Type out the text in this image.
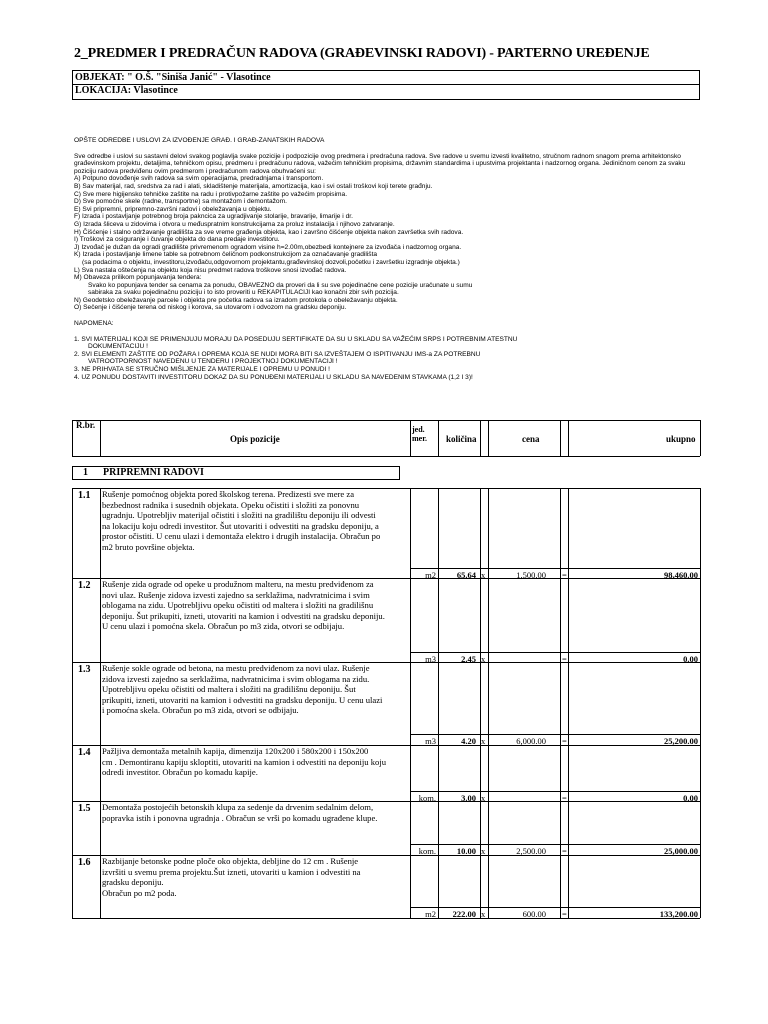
2_PREDMER I PREDRAČUN RADOVA (GRAĐEVINSKI RADOVI) - PARTERNO UREĐENJE
OBJEKAT: " O.Š. "Siniša Janić" - Vlasotince
LOKACIJA: Vlasotince

OPŠTE ODREDBE I USLOVI ZA IZVOĐENJE GRAĐ. I GRAĐ-ZANATSKIH RADOVA

Sve odredbe i uslovi su sastavni delovi svakog poglavlja svake pozicije i podpozicije ovog predmera i predračuna radova. Sve radove u svemu izvesti kvalitetno, stručnom radnom snagom prema arhitektonsko građevinskom projektu, detaljima, tehničkom opisu, predmeru i predračunu radova, važećim tehničkim propisima, državnim standardima i upustvima projektanta i nadzornog organa. Jediničnom cenom za svaku poziciju radova predviđenu ovim predmerom i predračunom radova obuhvaćeni su:

A) Potpuno dovođenje svih radova sa svim operacijama, predradnjama i transportom.

B) Sav materijal, rad, sredstva za rad i alati, skladištenje materijala, amortizacija, kao i svi ostali troškovi koji terete građnju.

C) Sve mere higijensko tehničke zaštite na radu i protivpožarne zaštite po važećim propisima.

D) Sve pomoćne skele (radne, transportne) sa montažom i demontažom.

E) Svi pripremni, pripremno-završni radovi i obeležavanja u objektu.

F) Izrada i postavljanje potrebnog broja pakncica za ugradjivanje stolarije, bravarije, limarije i dr.

G) Izrada šliceva u zidovima i otvora u međuspratnim konstrukcijama za proluz instalacija i njihovo zatvaranje.

H) Čišćenje i stalno održavanje gradilišta za sve vreme građenja objekta, kao i završno čišćenje objekta nakon završetka svih radova.

I) Troškovi za osiguranje i čuvanje objekta do dana predaje investitoru.

J) Izvođač je dužan da ogradi gradilište privremenom ogradom visine h=2.00m,obezbedi kontejnere za izvođača i nadzornog organa.

K) Izrada i postavljanje limene table sa potrebnom čeličnom podkonstrukcijom za označavanje gradilišta

(sa podacima o objektu, investitoru,izvođaču,odgovornom projektantu,građevinskoj dozvoli,početku i završetku izgradnje objekta.)

L) Sva nastala oštećenja na objektu koja nisu predmet radova troškove snosi izvođač radova.

M) Obaveza prilikom popunjavanja tendera:

Svako ko popunjava tender sa cenama za ponudu, OBAVEZNO da proveri da li su sve pojedinačne cene pozicije uračunate u sumu

sabiraka za svaku pojedinačnu poziciju i to isto proveriti u REKAPITULACIJI kao konačni zbir svih pozicija.

N) Geodetsko obeležavanje parcele i objekta pre početka radova sa izradom protokola o obeležavanju objekta.

O) Sečenje i čišćenje terena od niskog i korova, sa utovarom i odvozom na gradsku deponiju.

NAPOMENA:

1. SVI MATERIJALI KOJI SE PRIMENJUJU MORAJU DA POSEDUJU SERTIFIKATE DA SU U SKLADU SA VAŽEĆIM SRPS I POTREBNIM ATESTNU

DOKUMENTACIJU !

2. SVI ELEMENTI ZAŠTITE OD POŽARA I OPREMA KOJA SE NUDI MORA BITI SA IZVEŠTAJEM O ISPITIVANJU IMS-a ZA POTREBNU

VATROOTPORNOST NAVEDENU U TENDERU I PROJEKTNOJ DOKUMENTACIJI !

3. NE PRIHVATA SE STRUČNO MIŠLJENJE ZA MATERIJALE I OPREMU U PONUDI !

4. UZ PONUDU DOSTAVITI INVESTITORU DOKAZ DA SU PONUĐENI MATERIJALI U SKLADU SA NAVEDENIM STAVKAMA (1,2 I 3)!

R.br.
Opis pozicije
jed. mer.	količina	cena	ukupno
1 PRIPREMNI RADOVI
1.1 Rušenje pomoćnog objekta pored školskog terena. Predizesti sve mere za
bezbednost radnika i susednih objekata. Opeku očistiti i složiti za ponovnu
ugradnju. Upotrebljiv materijal očistiti i složiti na gradilištu deponiju ili odvesti
na lokaciju koju odredi investitor. Šut utovariti i odvestiti na gradsku deponiju, a
prostor očistiti. U cenu ulazi i demontaža elektro i drugih instalacija. Obračun po
m2 bruto površine objekta.
m2	65.64 x	1,500.00 =	98,460.00
1.2 Rušenje zida ograde od opeke u produžnom malteru, na mestu predviđenom za
novi ulaz. Rušenje zidova izvesti zajedno sa serklažima, nadvratnicima i svim
oblogama na zidu. Upotrebljivu opeku očistiti od maltera i složiti na gradilišnu
deponiju. Šut prikupiti, izneti, utovariti na kamion i odvestiti na gradsku deponiju.
U cenu ulazi i pomoćna skela. Obračun po m3 zida, otvori se odbijaju.
m3	2.45 x	=	0.00
1.3 Rušenje sokle ograde od betona, na mestu predviđenom za novi ulaz. Rušenje
zidova izvesti zajedno sa serklažima, nadvratnicima i svim oblogama na zidu.
Upotrebljivu opeku očistiti od maltera i složiti na gradilišnu deponiju. Šut
prikupiti, izneti, utovariti na kamion i odvestiti na gradsku deponiju. U cenu ulazi
i pomoćna skela. Obračun po m3 zida, otvori se odbijaju.
m3	4.20 x	6,000.00 =	25,200.00
1.4 Pažljiva demontaža metalnih kapija, dimenzija 120x200 i 580x200 i 150x200
cm . Demontiranu kapiju skloptiti, utovariti na kamion i odvestiti na deponiju koju
odredi investitor. Obračun po komadu kapije.
kom.	3.00 x	=	0.00
1.5 Demontaža postojećih betonskih klupa za sedenje da drvenim sedalnim delom,
popravka istih i ponovna ugradnja . Obračun se vrši po komadu ugrađene klupe.
kom.	10.00 x	2,500.00 =	25,000.00
1.6 Razbijanje betonske podne ploče oko objekta, debljine do 12 cm . Rušenje
izvršiti u svemu prema projektu.Šut izneti, utovariti u kamion i odvestiti na
gradsku deponiju.
Obračun po m2 poda.
m2	222.00 x	600.00 =	133,200.00
